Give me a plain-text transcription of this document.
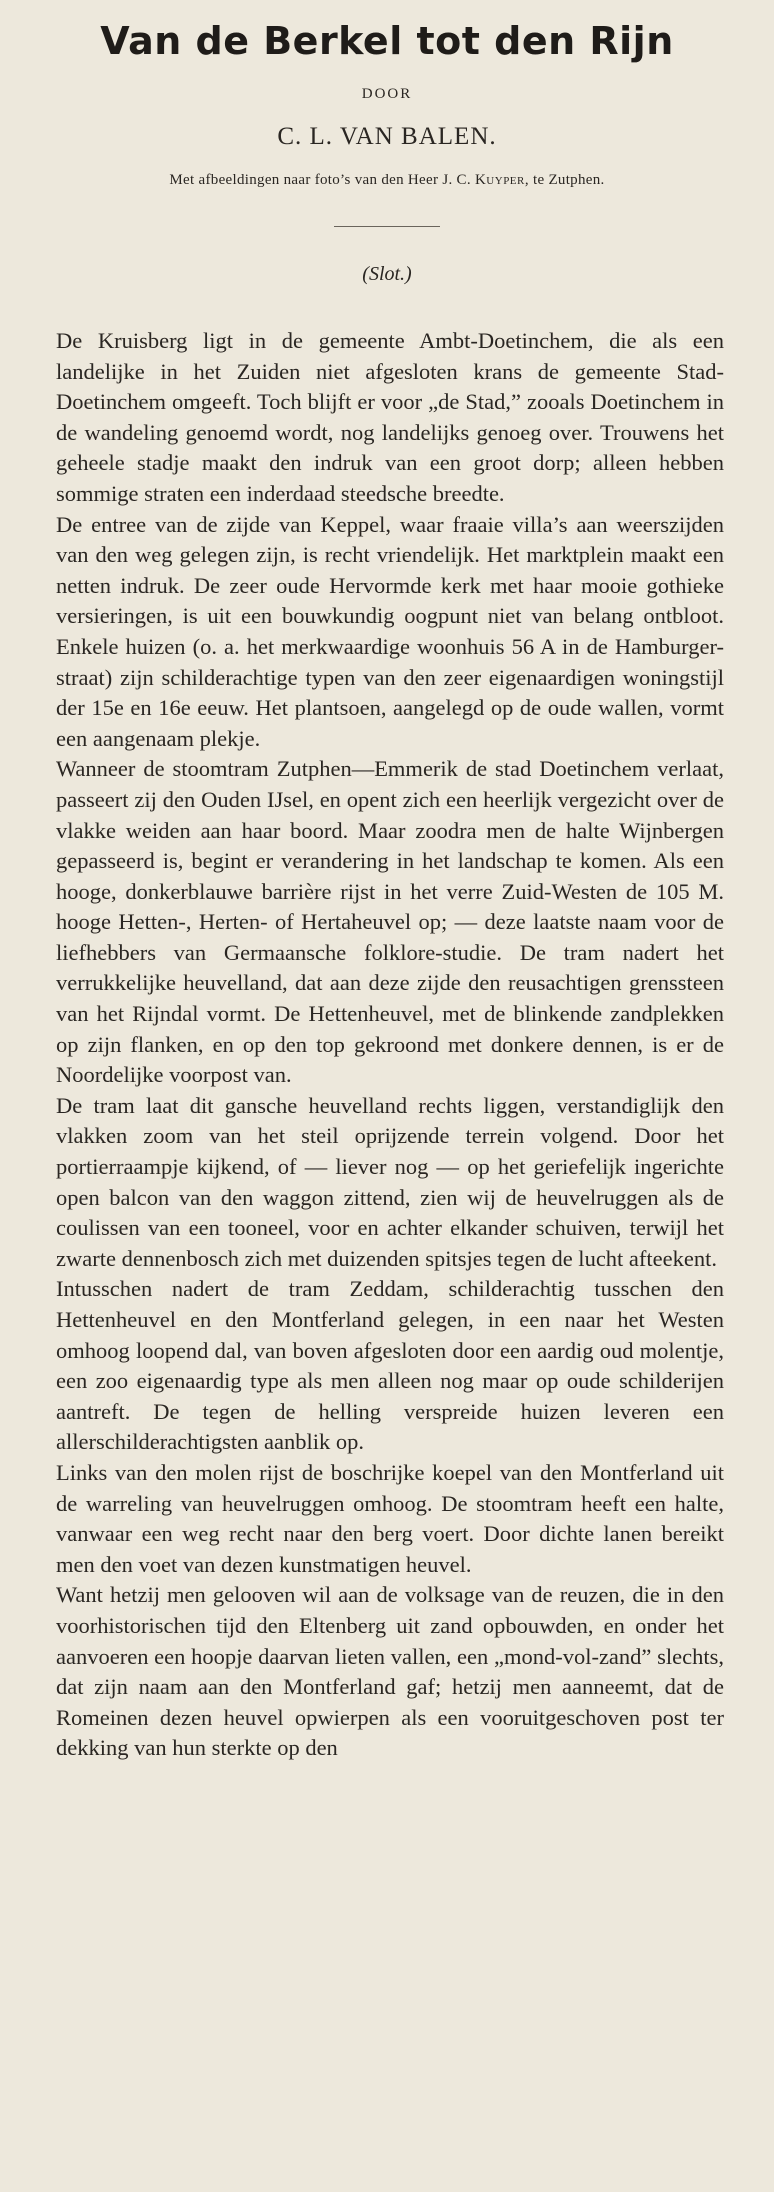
Van de Berkel tot den Rijn
DOOR
C. L. VAN BALEN.
Met afbeeldingen naar foto’s van den Heer J. C. Kuyper, te Zutphen.
(Slot.)

De Kruisberg ligt in de gemeente Ambt-Doetinchem, die als een landelijke in het Zuiden niet afgesloten krans de gemeente Stad-Doetinchem omgeeft. Toch blijft er voor „de Stad,” zooals Doetinchem in de wandeling genoemd wordt, nog landelijks genoeg over. Trouwens het geheele stadje maakt den indruk van een groot dorp; alleen hebben sommige straten een inderdaad steedsche breedte.

De entree van de zijde van Keppel, waar fraaie villa’s aan weerszijden van den weg gelegen zijn, is recht vriendelijk. Het marktplein maakt een netten indruk. De zeer oude Hervormde kerk met haar mooie gothieke versieringen, is uit een bouwkundig oogpunt niet van belang ontbloot. Enkele huizen (o. a. het merkwaardige woonhuis 56 A in de Hamburger-straat) zijn schilderachtige typen van den zeer eigenaardigen woningstijl der 15e en 16e eeuw. Het plantsoen, aangelegd op de oude wallen, vormt een aangenaam plekje.

Wanneer de stoomtram Zutphen—Emmerik de stad Doetinchem verlaat, passeert zij den Ouden IJsel, en opent zich een heerlijk vergezicht over de vlakke weiden aan haar boord. Maar zoodra men de halte Wijnbergen gepasseerd is, begint er verandering in het landschap te komen. Als een hooge, donkerblauwe barrière rijst in het verre Zuid-Westen de 105 M. hooge Hetten-, Herten- of Hertaheuvel op; — deze laatste naam voor de liefhebbers van Germaansche folklore-studie. De tram nadert het verrukkelijke heuvelland, dat aan deze zijde den reusachtigen grenssteen van het Rijndal vormt. De Hettenheuvel, met de blinkende zandplekken op zijn flanken, en op den top gekroond met donkere dennen, is er de Noordelijke voorpost van.

De tram laat dit gansche heuvelland rechts liggen, verstandiglijk den vlakken zoom van het steil oprijzende terrein volgend. Door het portierraampje kijkend, of — liever nog — op het geriefelijk ingerichte open balcon van den waggon zittend, zien wij de heuvelruggen als de coulissen van een tooneel, voor en achter elkander schuiven, terwijl het zwarte dennenbosch zich met duizenden spitsjes tegen de lucht afteekent.

Intusschen nadert de tram Zeddam, schilderachtig tusschen den Hettenheuvel en den Montferland gelegen, in een naar het Westen omhoog loopend dal, van boven afgesloten door een aardig oud molentje, een zoo eigenaardig type als men alleen nog maar op oude schilderijen aantreft. De tegen de helling verspreide huizen leveren een allerschilderachtigsten aanblik op.

Links van den molen rijst de boschrijke koepel van den Montferland uit de warreling van heuvelruggen omhoog. De stoomtram heeft een halte, vanwaar een weg recht naar den berg voert. Door dichte lanen bereikt men den voet van dezen kunstmatigen heuvel.

Want hetzij men gelooven wil aan de volksage van de reuzen, die in den voorhistorischen tijd den Eltenberg uit zand opbouwden, en onder het aanvoeren een hoopje daarvan lieten vallen, een „mond-vol-zand” slechts, dat zijn naam aan den Montferland gaf; hetzij men aanneemt, dat de Romeinen dezen heuvel opwierpen als een vooruitgeschoven post ter dekking van hun sterkte op den
